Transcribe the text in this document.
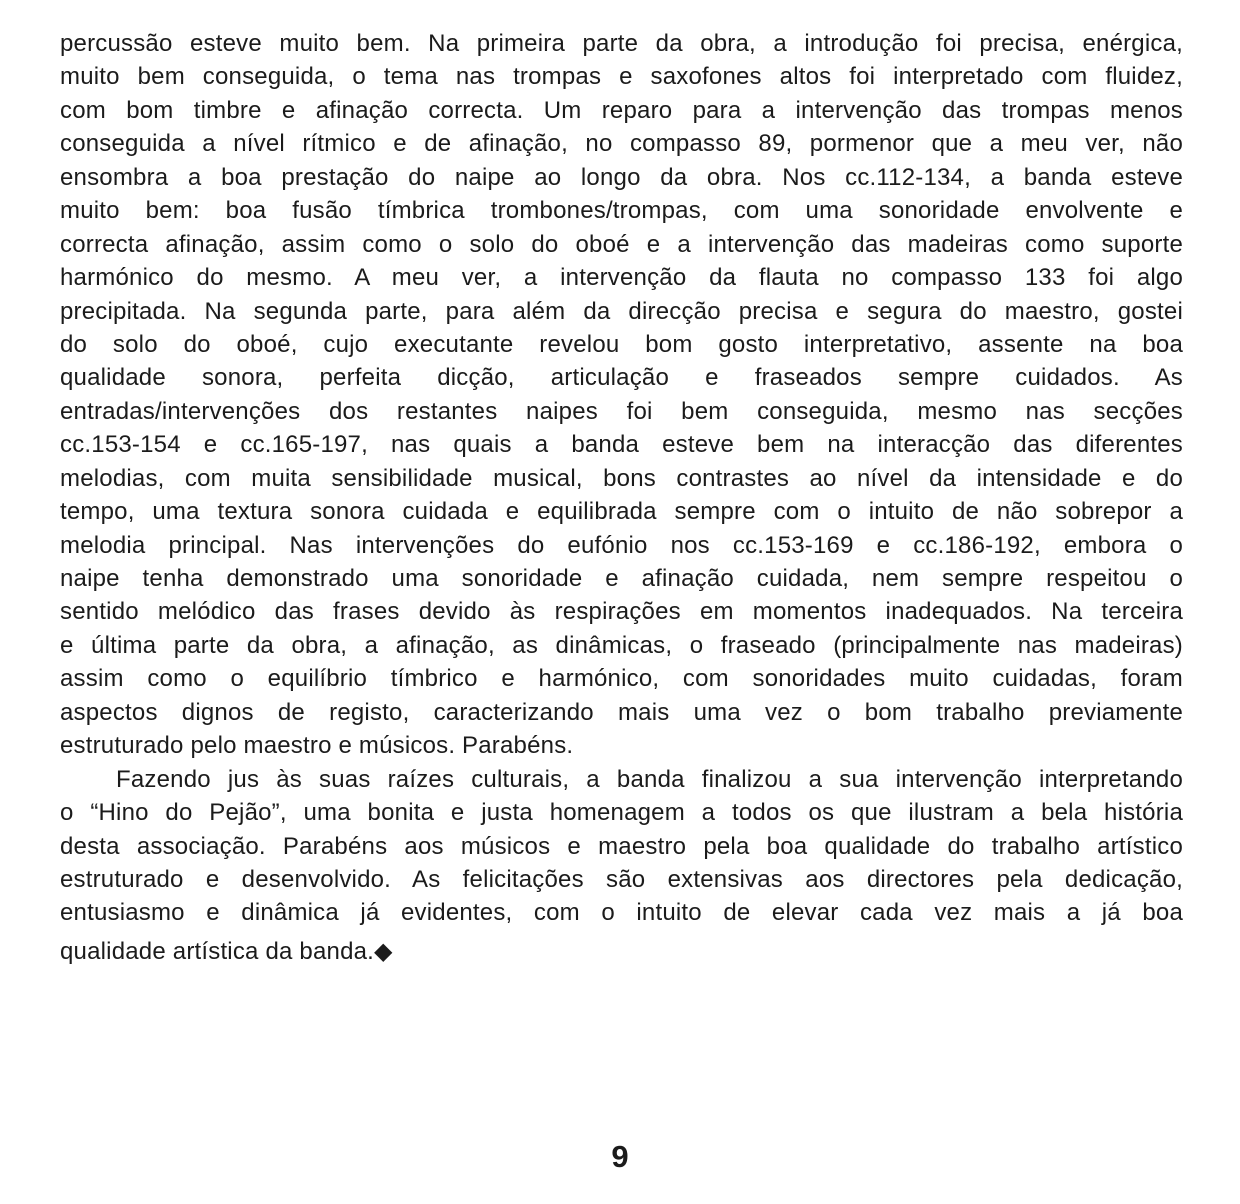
percussão esteve muito bem. Na primeira parte da obra, a introdução foi precisa, enérgica,
muito bem conseguida, o tema nas trompas e saxofones altos foi interpretado com fluidez,
com bom timbre e afinação correcta. Um reparo para a intervenção das trompas menos
conseguida a nível rítmico e de afinação, no compasso 89, pormenor que a meu ver, não
ensombra a boa prestação do naipe ao longo da obra. Nos cc.112-134, a banda esteve
muito bem: boa fusão tímbrica trombones/trompas, com uma sonoridade envolvente e
correcta afinação, assim como o solo do oboé e a intervenção das madeiras como suporte
harmónico do mesmo. A meu ver, a intervenção da flauta no compasso 133 foi algo
precipitada. Na segunda parte, para além da direcção precisa e segura do maestro, gostei
do solo do oboé, cujo executante revelou bom gosto interpretativo, assente na boa
qualidade sonora, perfeita dicção, articulação e fraseados sempre cuidados. As
entradas/intervenções dos restantes naipes foi bem conseguida, mesmo nas secções
cc.153-154 e cc.165-197, nas quais a banda esteve bem na interacção das diferentes
melodias, com muita sensibilidade musical, bons contrastes ao nível da intensidade e do
tempo, uma textura sonora cuidada e equilibrada sempre com o intuito de não sobrepor a
melodia principal. Nas intervenções do eufónio nos cc.153-169 e cc.186-192, embora o
naipe tenha demonstrado uma sonoridade e afinação cuidada, nem sempre respeitou o
sentido melódico das frases devido às respirações em momentos inadequados. Na terceira
e última parte da obra, a afinação, as dinâmicas, o fraseado (principalmente nas madeiras)
assim como o equilíbrio tímbrico e harmónico, com sonoridades muito cuidadas, foram
aspectos dignos de registo, caracterizando mais uma vez o bom trabalho previamente
estruturado pelo maestro e músicos. Parabéns.
Fazendo jus às suas raízes culturais, a banda finalizou a sua intervenção interpretando
o “Hino do Pejão”, uma bonita e justa homenagem a todos os que ilustram a bela história
desta associação. Parabéns aos músicos e maestro pela boa qualidade do trabalho artístico
estruturado e desenvolvido. As felicitações são extensivas aos directores pela dedicação,
entusiasmo e dinâmica já evidentes, com o intuito de elevar cada vez mais a já boa
qualidade artística da banda.◆
9
